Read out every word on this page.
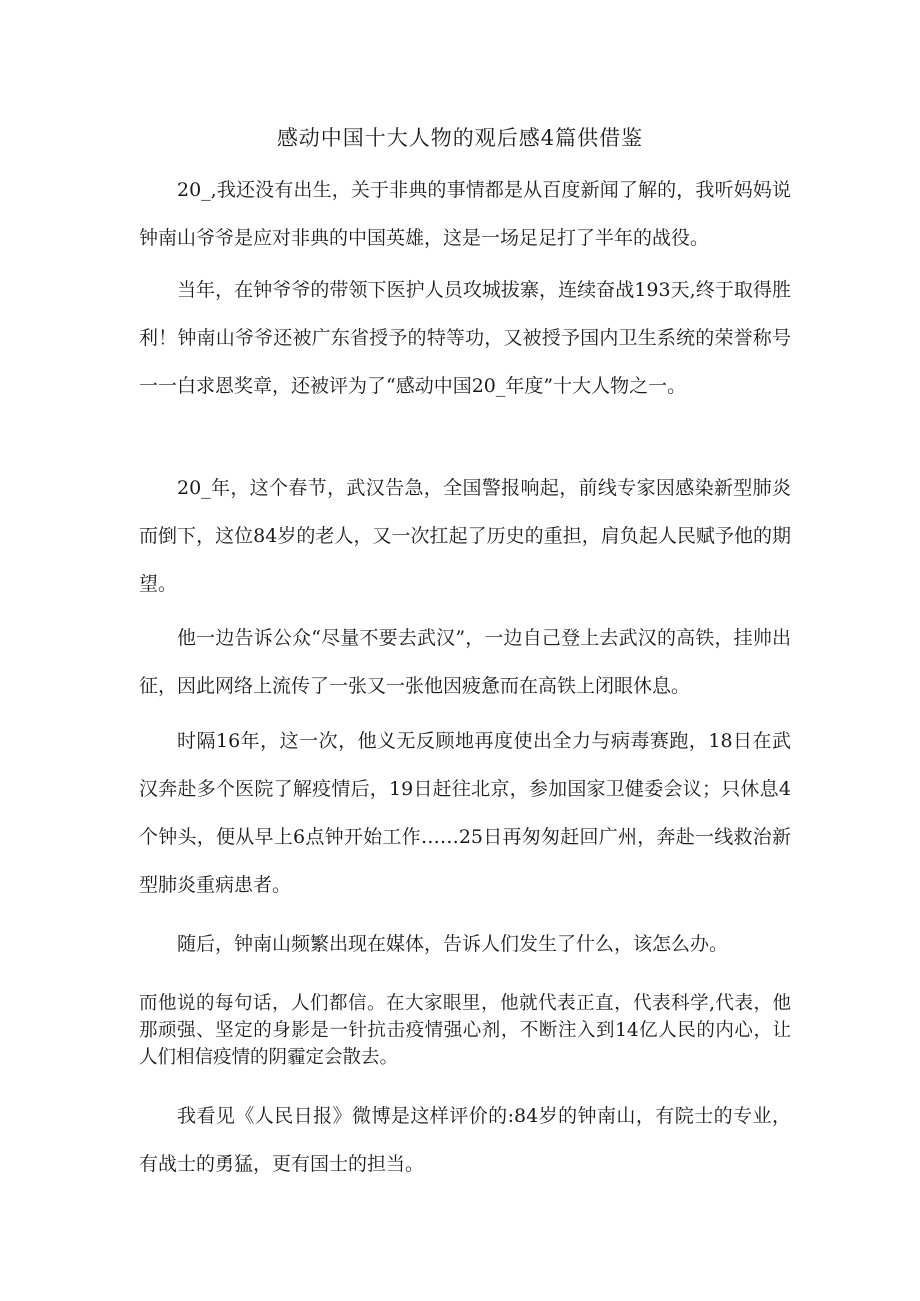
感动中国十大人物的观后感4篇供借鉴

20_,我还没有出生，关于非典的事情都是从百度新闻了解的，我听妈妈说钟南山爷爷是应对非典的中国英雄，这是一场足足打了半年的战役。

当年，在钟爷爷的带领下医护人员攻城拔寨，连续奋战193天,终于取得胜利！钟南山爷爷还被广东省授予的特等功，又被授予国内卫生系统的荣誉称号一一白求恩奖章，还被评为了“感动中国20_年度”十大人物之一。

20_年，这个春节，武汉告急，全国警报响起，前线专家因感染新型肺炎而倒下，这位84岁的老人，又一次扛起了历史的重担，肩负起人民赋予他的期望。

他一边告诉公众“尽量不要去武汉”，一边自己登上去武汉的高铁，挂帅出征，因此网络上流传了一张又一张他因疲惫而在高铁上闭眼休息。

时隔16年，这一次，他义无反顾地再度使出全力与病毒赛跑，18日在武汉奔赴多个医院了解疫情后，19日赶往北京，参加国家卫健委会议；只休息4个钟头，便从早上6点钟开始工作……25日再匆匆赶回广州，奔赴一线救治新型肺炎重病患者。

随后，钟南山频繁出现在媒体，告诉人们发生了什么，该怎么办。

而他说的每句话，人们都信。在大家眼里，他就代表正直，代表科学,代表，他那顽强、坚定的身影是一针抗击疫情强心剂，不断注入到14亿人民的内心，让人们相信疫情的阴霾定会散去。

我看见《人民日报》微博是这样评价的:84岁的钟南山，有院士的专业，有战士的勇猛，更有国士的担当。
